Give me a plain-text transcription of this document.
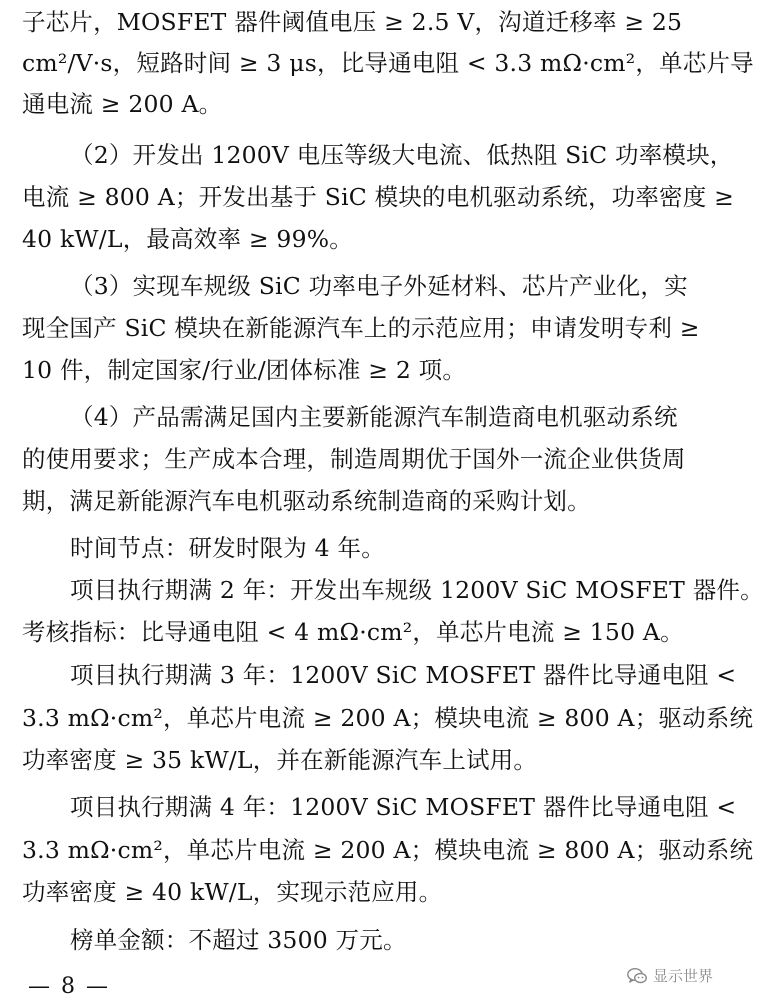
子芯片，MOSFET 器件阈值电压 ≥ 2.5 V，沟道迁移率 ≥ 25
cm²/V·s，短路时间 ≥ 3 μs，比导通电阻 < 3.3 mΩ·cm²，单芯片导
通电流 ≥ 200 A。
（2）开发出 1200V 电压等级大电流、低热阻 SiC 功率模块，
电流 ≥ 800 A；开发出基于 SiC 模块的电机驱动系统，功率密度 ≥
40 kW/L，最高效率 ≥ 99%。
（3）实现车规级 SiC 功率电子外延材料、芯片产业化，实
现全国产 SiC 模块在新能源汽车上的示范应用；申请发明专利 ≥
10 件，制定国家/行业/团体标准 ≥ 2 项。
（4）产品需满足国内主要新能源汽车制造商电机驱动系统
的使用要求；生产成本合理，制造周期优于国外一流企业供货周
期，满足新能源汽车电机驱动系统制造商的采购计划。
时间节点：研发时限为 4 年。
项目执行期满 2 年：开发出车规级 1200V SiC MOSFET 器件。
考核指标：比导通电阻 < 4 mΩ·cm²，单芯片电流 ≥ 150 A。
项目执行期满 3 年：1200V SiC MOSFET 器件比导通电阻 <
3.3 mΩ·cm²，单芯片电流 ≥ 200 A；模块电流 ≥ 800 A；驱动系统
功率密度 ≥ 35 kW/L，并在新能源汽车上试用。
项目执行期满 4 年：1200V SiC MOSFET 器件比导通电阻 <
3.3 mΩ·cm²，单芯片电流 ≥ 200 A；模块电流 ≥ 800 A；驱动系统
功率密度 ≥ 40 kW/L，实现示范应用。
榜单金额：不超过 3500 万元。
— 8 —	显示世界
